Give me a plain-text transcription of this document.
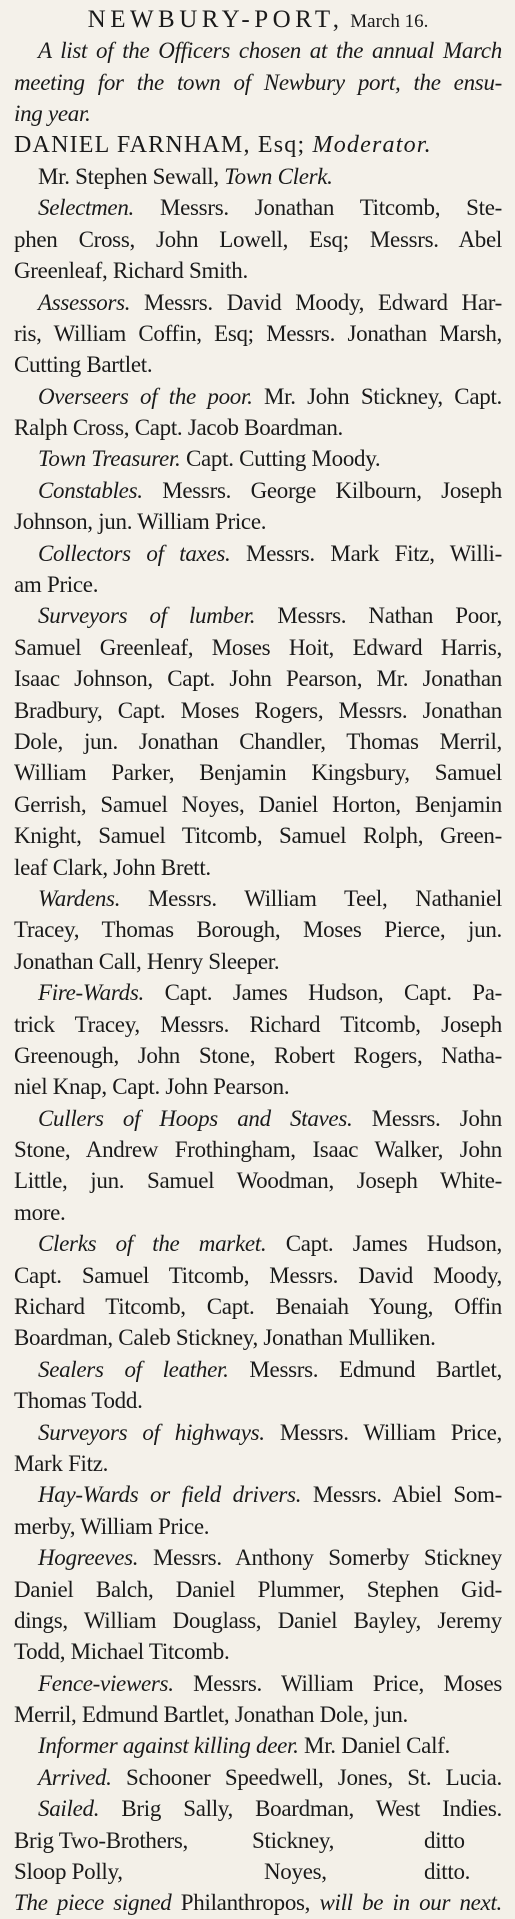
NEWBURY-PORT, March 16.
A list of the Officers chosen at the annual March
meeting for the town of Newbury port, the ensu-
ing year.
DANIEL FARNHAM, Esq; Moderator.
Mr. Stephen Sewall, Town Clerk.
Selectmen. Messrs. Jonathan Titcomb, Ste-
phen Cross, John Lowell, Esq; Messrs. Abel
Greenleaf, Richard Smith.
Assessors. Messrs. David Moody, Edward Har-
ris, William Coffin, Esq; Messrs. Jonathan Marsh,
Cutting Bartlet.
Overseers of the poor. Mr. John Stickney, Capt.
Ralph Cross, Capt. Jacob Boardman.
Town Treasurer. Capt. Cutting Moody.
Constables. Messrs. George Kilbourn, Joseph
Johnson, jun. William Price.
Collectors of taxes. Messrs. Mark Fitz, Willi-
am Price.
Surveyors of lumber. Messrs. Nathan Poor,
Samuel Greenleaf, Moses Hoit, Edward Harris,
Isaac Johnson, Capt. John Pearson, Mr. Jonathan
Bradbury, Capt. Moses Rogers, Messrs. Jonathan
Dole, jun. Jonathan Chandler, Thomas Merril,
William Parker, Benjamin Kingsbury, Samuel
Gerrish, Samuel Noyes, Daniel Horton, Benjamin
Knight, Samuel Titcomb, Samuel Rolph, Green-
leaf Clark, John Brett.
Wardens. Messrs. William Teel, Nathaniel
Tracey, Thomas Borough, Moses Pierce, jun.
Jonathan Call, Henry Sleeper.
Fire-Wards. Capt. James Hudson, Capt. Pa-
trick Tracey, Messrs. Richard Titcomb, Joseph
Greenough, John Stone, Robert Rogers, Natha-
niel Knap, Capt. John Pearson.
Cullers of Hoops and Staves. Messrs. John
Stone, Andrew Frothingham, Isaac Walker, John
Little, jun. Samuel Woodman, Joseph White-
more.
Clerks of the market. Capt. James Hudson,
Capt. Samuel Titcomb, Messrs. David Moody,
Richard Titcomb, Capt. Benaiah Young, Offin
Boardman, Caleb Stickney, Jonathan Mulliken.
Sealers of leather. Messrs. Edmund Bartlet,
Thomas Todd.
Surveyors of highways. Messrs. William Price,
Mark Fitz.
Hay-Wards or field drivers. Messrs. Abiel Som-
merby, William Price.
Hogreeves. Messrs. Anthony Somerby Stickney
Daniel Balch, Daniel Plummer, Stephen Gid-
dings, William Douglass, Daniel Bayley, Jeremy
Todd, Michael Titcomb.
Fence-viewers. Messrs. William Price, Moses
Merril, Edmund Bartlet, Jonathan Dole, jun.
Informer against killing deer. Mr. Daniel Calf.
Arrived. Schooner Speedwell, Jones, St. Lucia.
Sailed. Brig Sally, Boardman, West Indies.
Brig Two-Brothers,	Stickney,	ditto
Sloop Polly,	Noyes,	ditto.
The piece signed Philanthropos, will be in our next.
